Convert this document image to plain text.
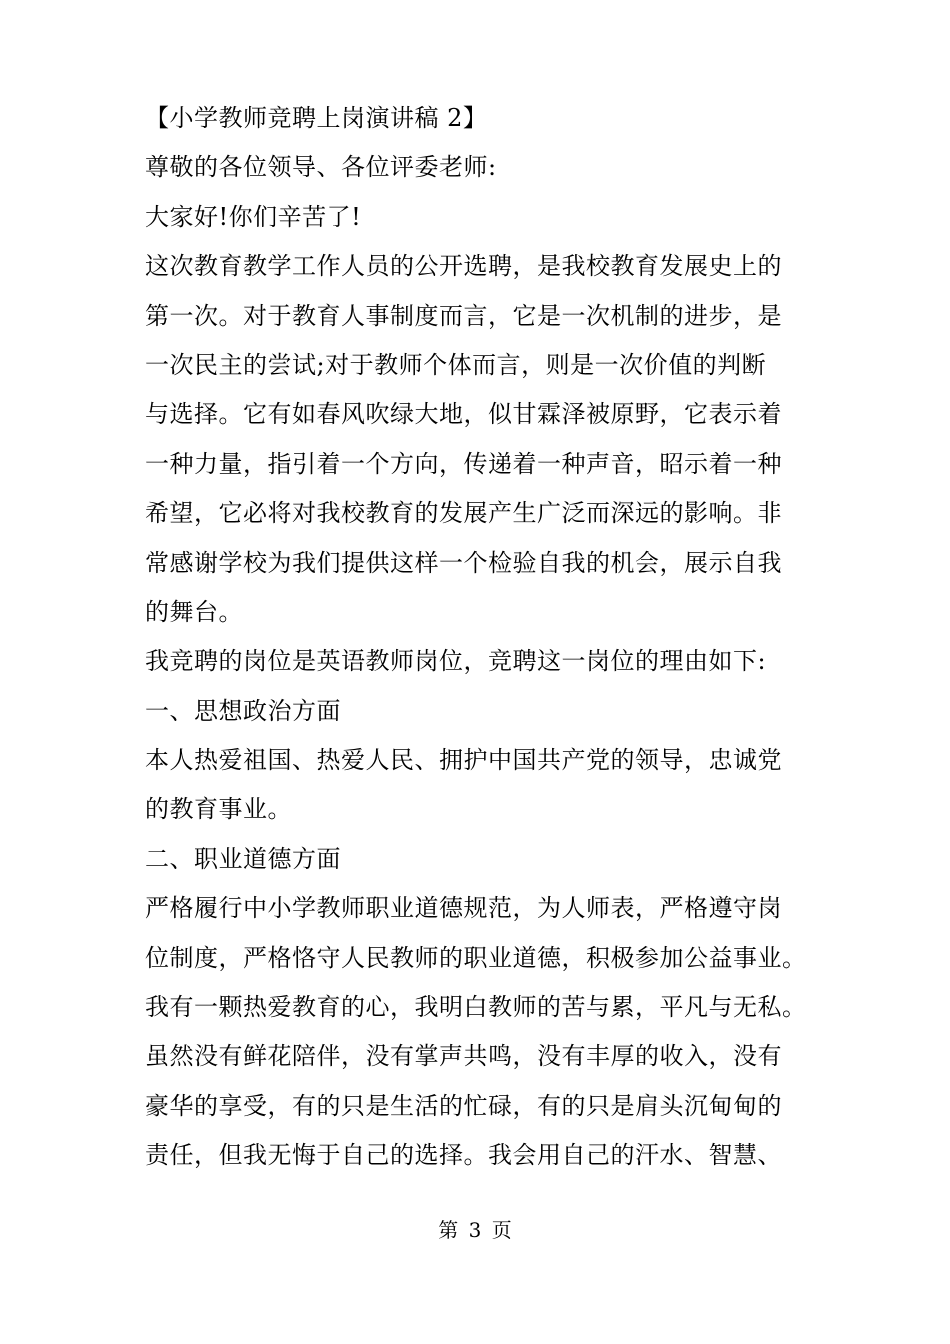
【小学教师竞聘上岗演讲稿 2】
尊敬的各位领导、各位评委老师:
大家好!你们辛苦了!
这次教育教学工作人员的公开选聘，是我校教育发展史上的
第一次。对于教育人事制度而言，它是一次机制的进步，是
一次民主的尝试;对于教师个体而言，则是一次价值的判断
与选择。它有如春风吹绿大地，似甘霖泽被原野，它表示着
一种力量，指引着一个方向，传递着一种声音，昭示着一种
希望，它必将对我校教育的发展产生广泛而深远的影响。非
常感谢学校为我们提供这样一个检验自我的机会，展示自我
的舞台。
我竞聘的岗位是英语教师岗位，竞聘这一岗位的理由如下:
一、思想政治方面
本人热爱祖国、热爱人民、拥护中国共产党的领导，忠诚党
的教育事业。
二、职业道德方面
严格履行中小学教师职业道德规范，为人师表，严格遵守岗
位制度，严格恪守人民教师的职业道德，积极参加公益事业。
我有一颗热爱教育的心，我明白教师的苦与累，平凡与无私。
虽然没有鲜花陪伴，没有掌声共鸣，没有丰厚的收入，没有
豪华的享受，有的只是生活的忙碌，有的只是肩头沉甸甸的
责任，但我无悔于自己的选择。我会用自己的汗水、智慧、
第 3 页
